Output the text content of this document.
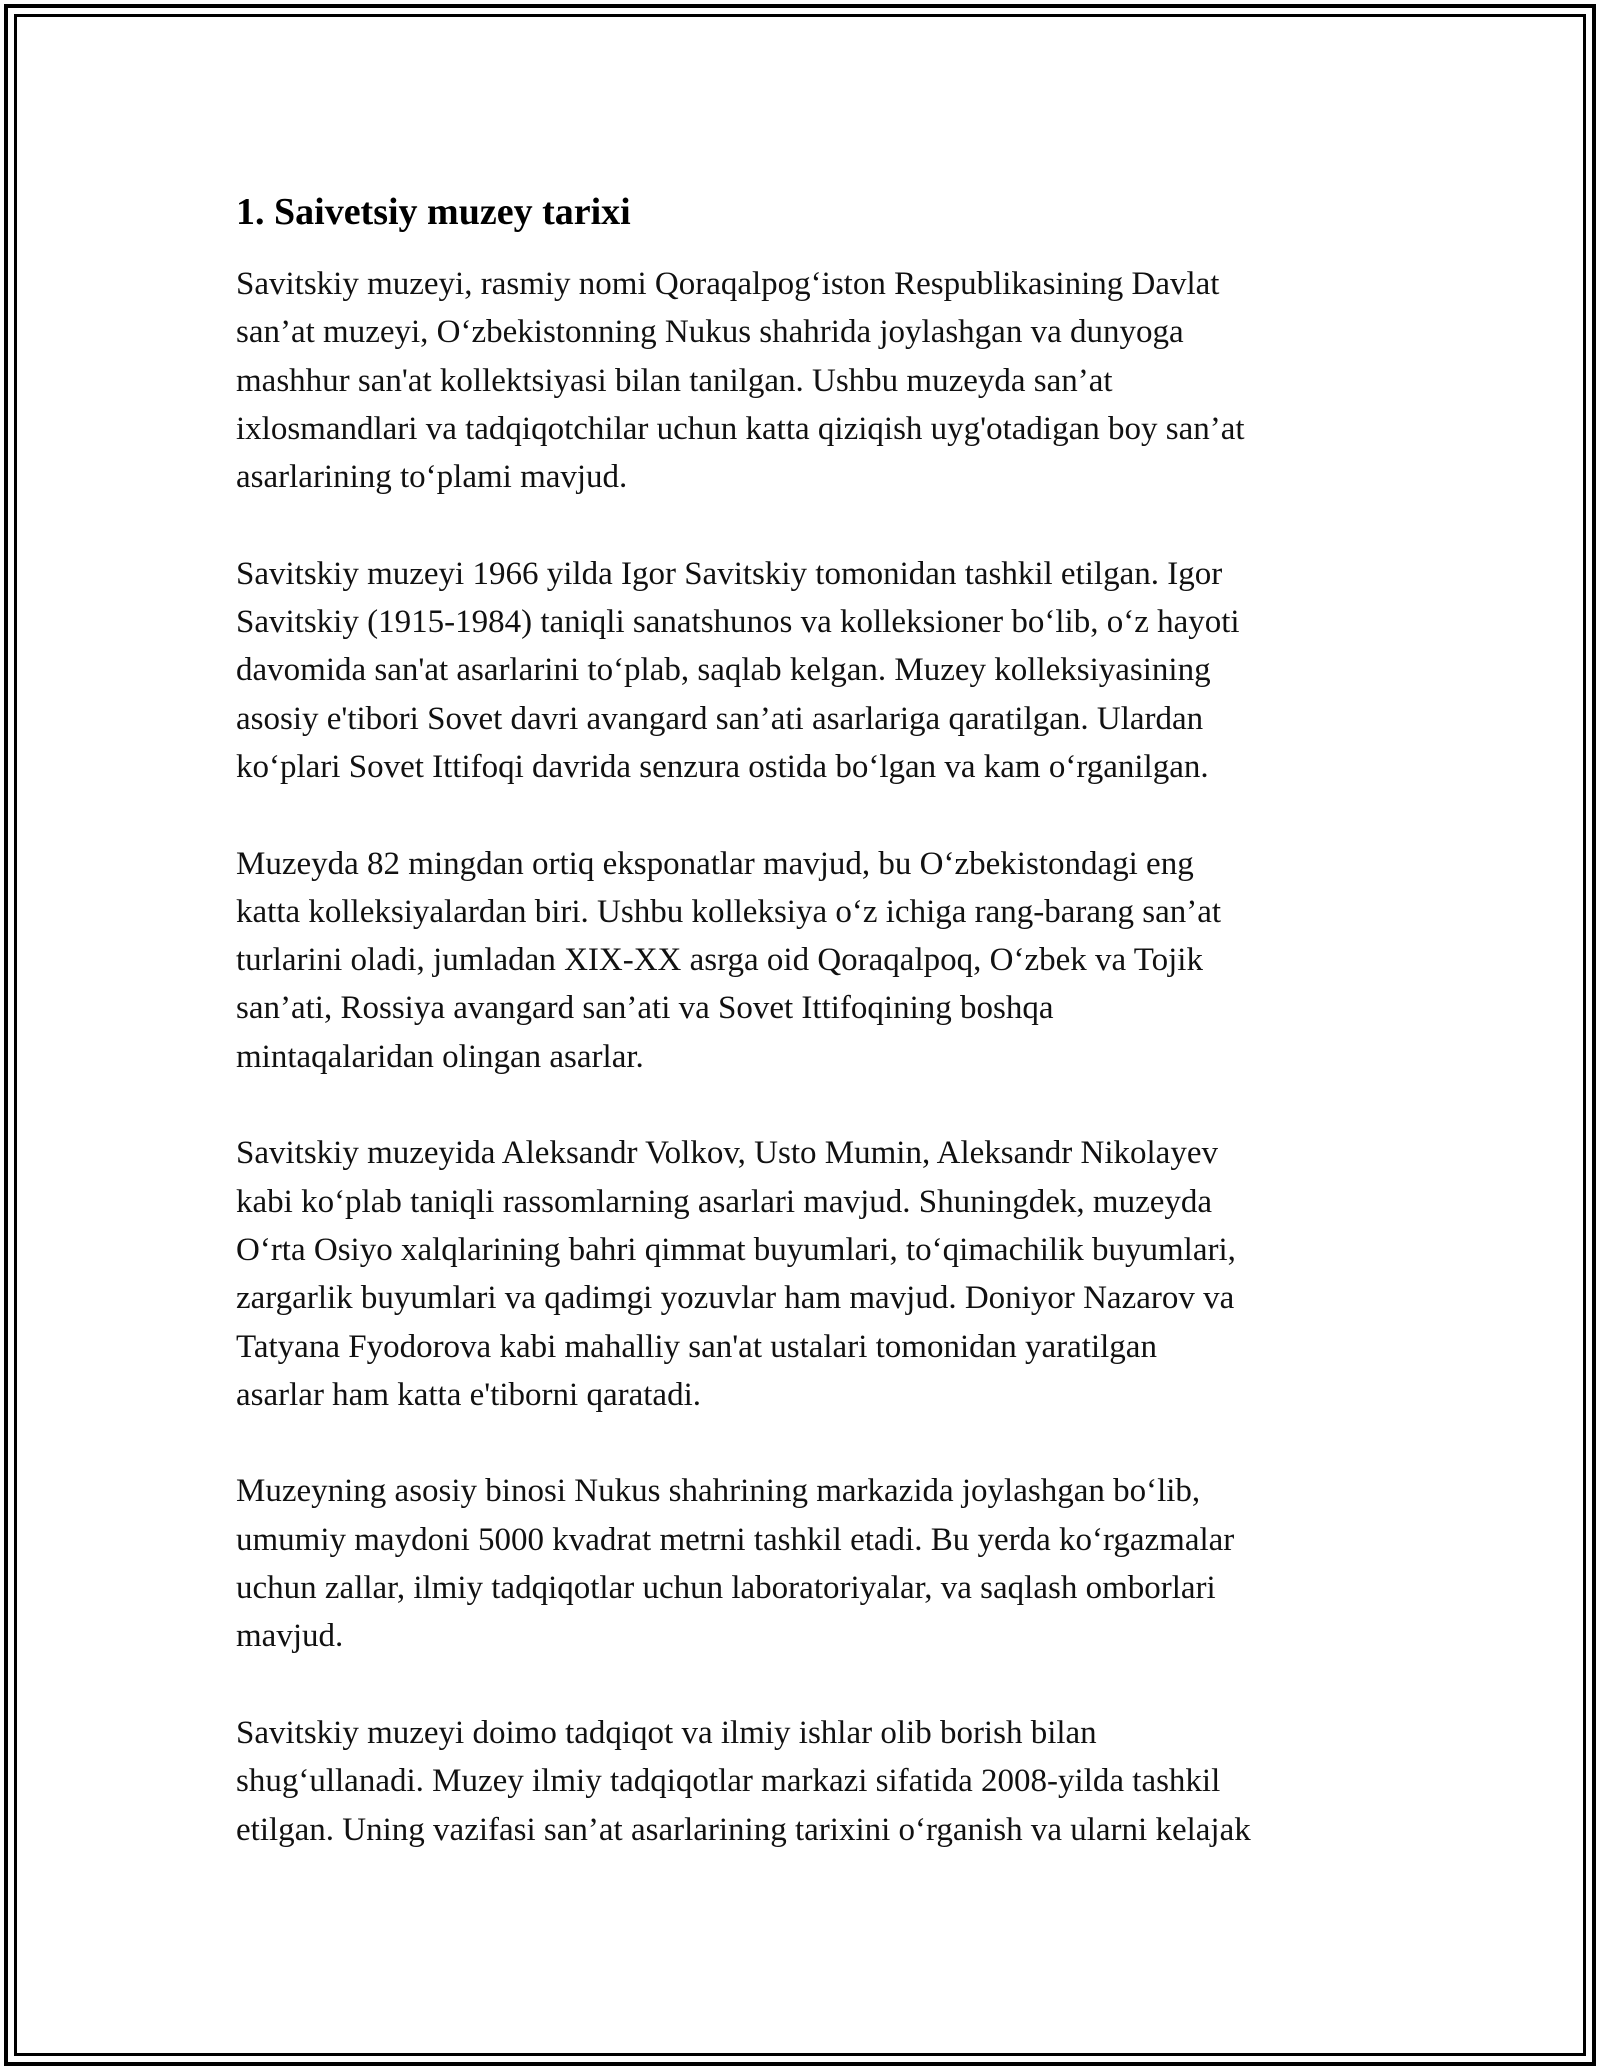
1. Saivetsiy muzey tarixi

Savitskiy muzeyi, rasmiy nomi Qoraqalpog‘iston Respublikasining Davlat
san’at muzeyi, O‘zbekistonning Nukus shahrida joylashgan va dunyoga
mashhur san'at kollektsiyasi bilan tanilgan. Ushbu muzeyda san’at
ixlosmandlari va tadqiqotchilar uchun katta qiziqish uyg'otadigan boy san’at
asarlarining to‘plami mavjud.

Savitskiy muzeyi 1966 yilda Igor Savitskiy tomonidan tashkil etilgan. Igor
Savitskiy (1915-1984) taniqli sanatshunos va kolleksioner bo‘lib, o‘z hayoti
davomida san'at asarlarini to‘plab, saqlab kelgan. Muzey kolleksiyasining
asosiy e'tibori Sovet davri avangard san’ati asarlariga qaratilgan. Ulardan
ko‘plari Sovet Ittifoqi davrida senzura ostida bo‘lgan va kam o‘rganilgan.

Muzeyda 82 mingdan ortiq eksponatlar mavjud, bu O‘zbekistondagi eng
katta kolleksiyalardan biri. Ushbu kolleksiya o‘z ichiga rang-barang san’at
turlarini oladi, jumladan XIX-XX asrga oid Qoraqalpoq, O‘zbek va Tojik
san’ati, Rossiya avangard san’ati va Sovet Ittifoqining boshqa
mintaqalaridan olingan asarlar.

Savitskiy muzeyida Aleksandr Volkov, Usto Mumin, Aleksandr Nikolayev
kabi ko‘plab taniqli rassomlarning asarlari mavjud. Shuningdek, muzeyda
O‘rta Osiyo xalqlarining bahri qimmat buyumlari, to‘qimachilik buyumlari,
zargarlik buyumlari va qadimgi yozuvlar ham mavjud. Doniyor Nazarov va
Tatyana Fyodorova kabi mahalliy san'at ustalari tomonidan yaratilgan
asarlar ham katta e'tiborni qaratadi.

Muzeyning asosiy binosi Nukus shahrining markazida joylashgan bo‘lib,
umumiy maydoni 5000 kvadrat metrni tashkil etadi. Bu yerda ko‘rgazmalar
uchun zallar, ilmiy tadqiqotlar uchun laboratoriyalar, va saqlash omborlari
mavjud.

Savitskiy muzeyi doimo tadqiqot va ilmiy ishlar olib borish bilan
shug‘ullanadi. Muzey ilmiy tadqiqotlar markazi sifatida 2008-yilda tashkil
etilgan. Uning vazifasi san’at asarlarining tarixini o‘rganish va ularni kelajak
